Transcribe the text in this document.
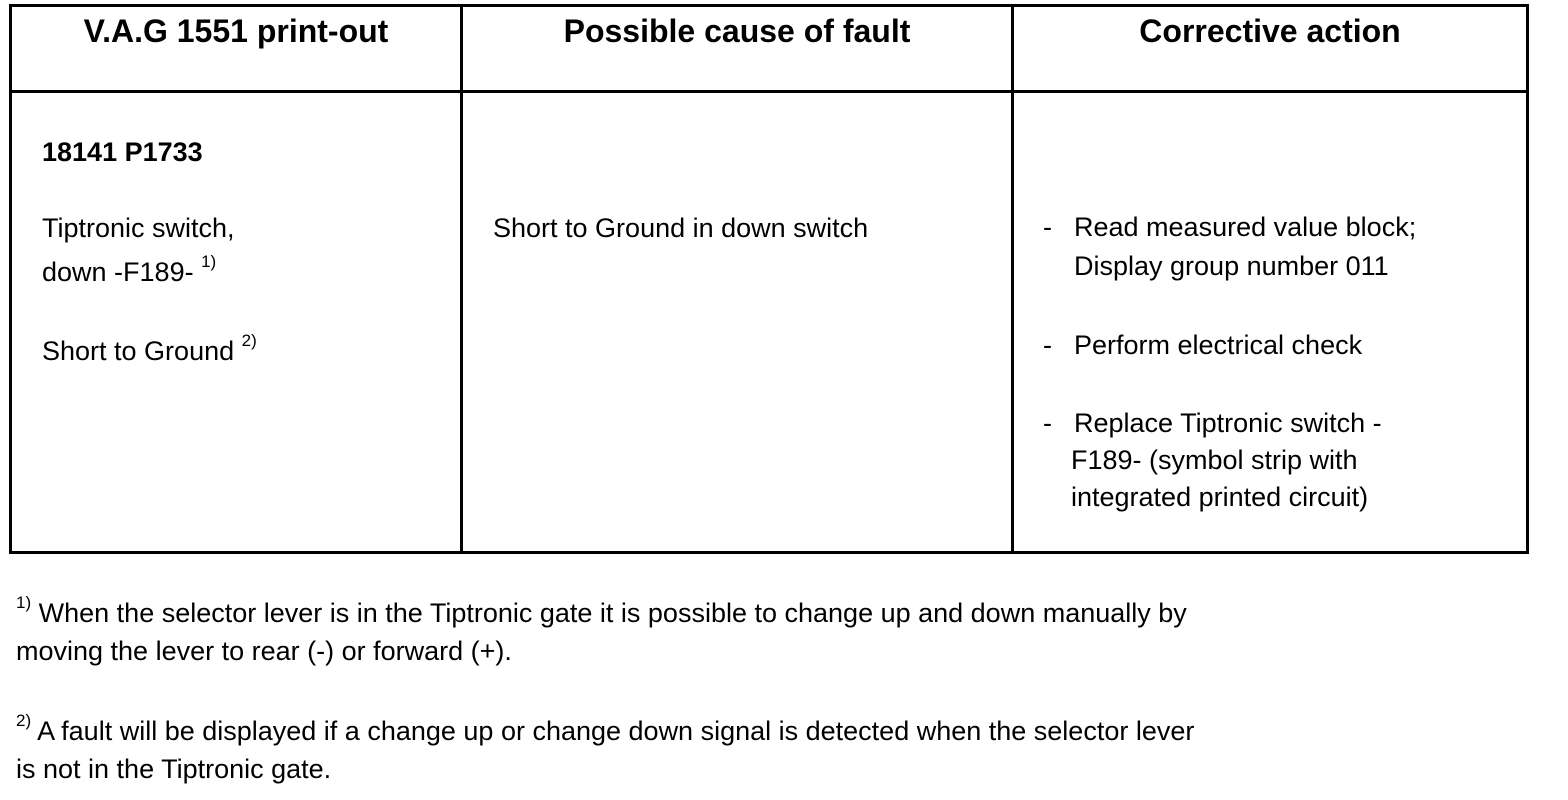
V.A.G 1551 print-out	Possible cause of fault	Corrective action
18141 P1733
Tiptronic switch,
down -F189- $^{1)}$
Short to Ground $^{2)}$
Short to Ground in down switch	- Read measured value block;
Display group number 011
- Perform electrical check
- Replace Tiptronic switch -
F189- (symbol strip with
integrated printed circuit)
$^{1)}$ When the selector lever is in the Tiptronic gate it is possible to change up and down manually by
moving the lever to rear (-) or forward (+).
$^{2)}$ A fault will be displayed if a change up or change down signal is detected when the selector lever
is not in the Tiptronic gate.
